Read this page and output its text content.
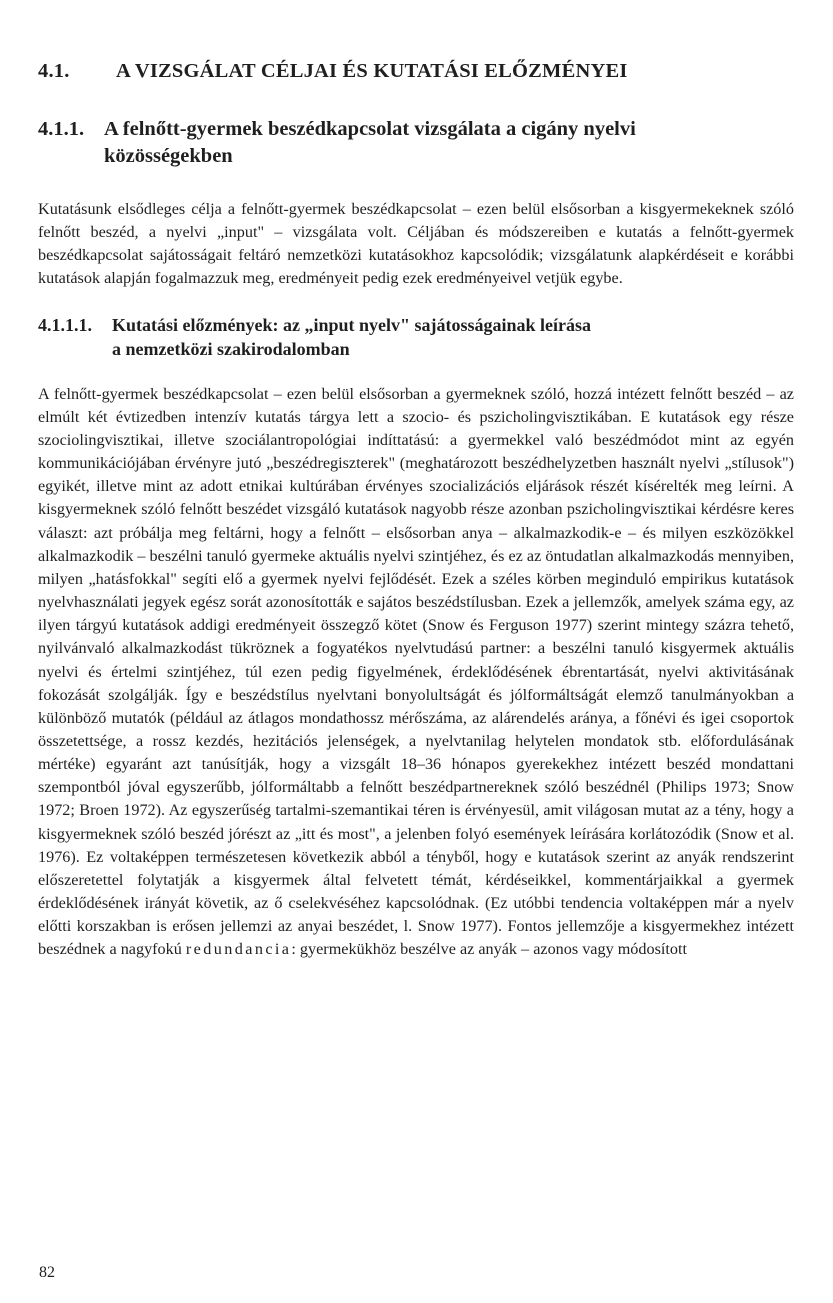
4.1. A VIZSGÁLAT CÉLJAI ÉS KUTATÁSI ELŐZMÉNYEI
4.1.1. A felnőtt-gyermek beszédkapcsolat vizsgálata a cigány nyelvi
közösségekben

Kutatásunk elsődleges célja a felnőtt-gyermek beszédkapcsolat – ezen belül elsősorban a kisgyermekeknek szóló felnőtt beszéd, a nyelvi „input" – vizsgálata volt. Céljában és módszereiben e kutatás a felnőtt-gyermek beszédkapcsolat sajátosságait feltáró nemzetközi kutatásokhoz kapcsolódik; vizsgálatunk alapkérdéseit e korábbi kutatások alapján fogalmazzuk meg, eredményeit pedig ezek eredményeivel vetjük egybe.

4.1.1.1. Kutatási előzmények: az „input nyelv" sajátosságainak leírása
a nemzetközi szakirodalomban

A felnőtt-gyermek beszédkapcsolat – ezen belül elsősorban a gyermeknek szóló, hozzá intézett felnőtt beszéd – az elmúlt két évtizedben intenzív kutatás tárgya lett a szocio- és pszicholingvisztikában. E kutatások egy része szociolingvisztikai, illetve szociálantropológiai indíttatású: a gyermekkel való beszédmódot mint az egyén kommunikációjában érvényre jutó „beszédregiszterek" (meghatározott beszédhelyzetben használt nyelvi „stílusok") egyikét, illetve mint az adott etnikai kultúrában érvényes szocializációs eljárások részét kísérelték meg leírni. A kisgyermeknek szóló felnőtt beszédet vizsgáló kutatások nagyobb része azonban pszicholingvisztikai kérdésre keres választ: azt próbálja meg feltárni, hogy a felnőtt – elsősorban anya – alkalmazkodik-e – és milyen eszközökkel alkalmazkodik – beszélni tanuló gyermeke aktuális nyelvi szintjéhez, és ez az öntudatlan alkalmazkodás mennyiben, milyen „hatásfokkal" segíti elő a gyermek nyelvi fejlődését. Ezek a széles körben meginduló empirikus kutatások nyelvhasználati jegyek egész sorát azonosították e sajátos beszédstílusban. Ezek a jellemzők, amelyek száma egy, az ilyen tárgyú kutatások addigi eredményeit összegző kötet (Snow és Ferguson 1977) szerint mintegy százra tehető, nyilvánvaló alkalmazkodást tükröznek a fogyatékos nyelvtudású partner: a beszélni tanuló kisgyermek aktuális nyelvi és értelmi szintjéhez, túl ezen pedig figyelmének, érdeklődésének ébrentartását, nyelvi aktivitásának fokozását szolgálják. Így e beszédstílus nyelvtani bonyolultságát és jólformáltságát elemző tanulmányokban a különböző mutatók (például az átlagos mondathossz mérőszáma, az alárendelés aránya, a főnévi és igei csoportok összetettsége, a rossz kezdés, hezitációs jelenségek, a nyelvtanilag helytelen mondatok stb. előfordulásának mértéke) egyaránt azt tanúsítják, hogy a vizsgált 18–36 hónapos gyerekekhez intézett beszéd mondattani szempontból jóval egyszerűbb, jólformáltabb a felnőtt beszédpartnereknek szóló beszédnél (Philips 1973; Snow 1972; Broen 1972). Az egyszerűség tartalmi-szemantikai téren is érvényesül, amit világosan mutat az a tény, hogy a kisgyermeknek szóló beszéd jórészt az „itt és most", a jelenben folyó események leírására korlátozódik (Snow et al. 1976). Ez voltaképpen természetesen következik abból a tényből, hogy e kutatások szerint az anyák rendszerint előszeretettel folytatják a kisgyermek által felvetett témát, kérdéseikkel, kommentárjaikkal a gyermek érdeklődésének irányát követik, az ő cselekvéséhez kapcsolódnak. (Ez utóbbi tendencia voltaképpen már a nyelv előtti korszakban is erősen jellemzi az anyai beszédet, l. Snow 1977). Fontos jellemzője a kisgyermekhez intézett beszédnek a nagyfokú redundancia: gyermekükhöz beszélve az anyák – azonos vagy módosított

82
